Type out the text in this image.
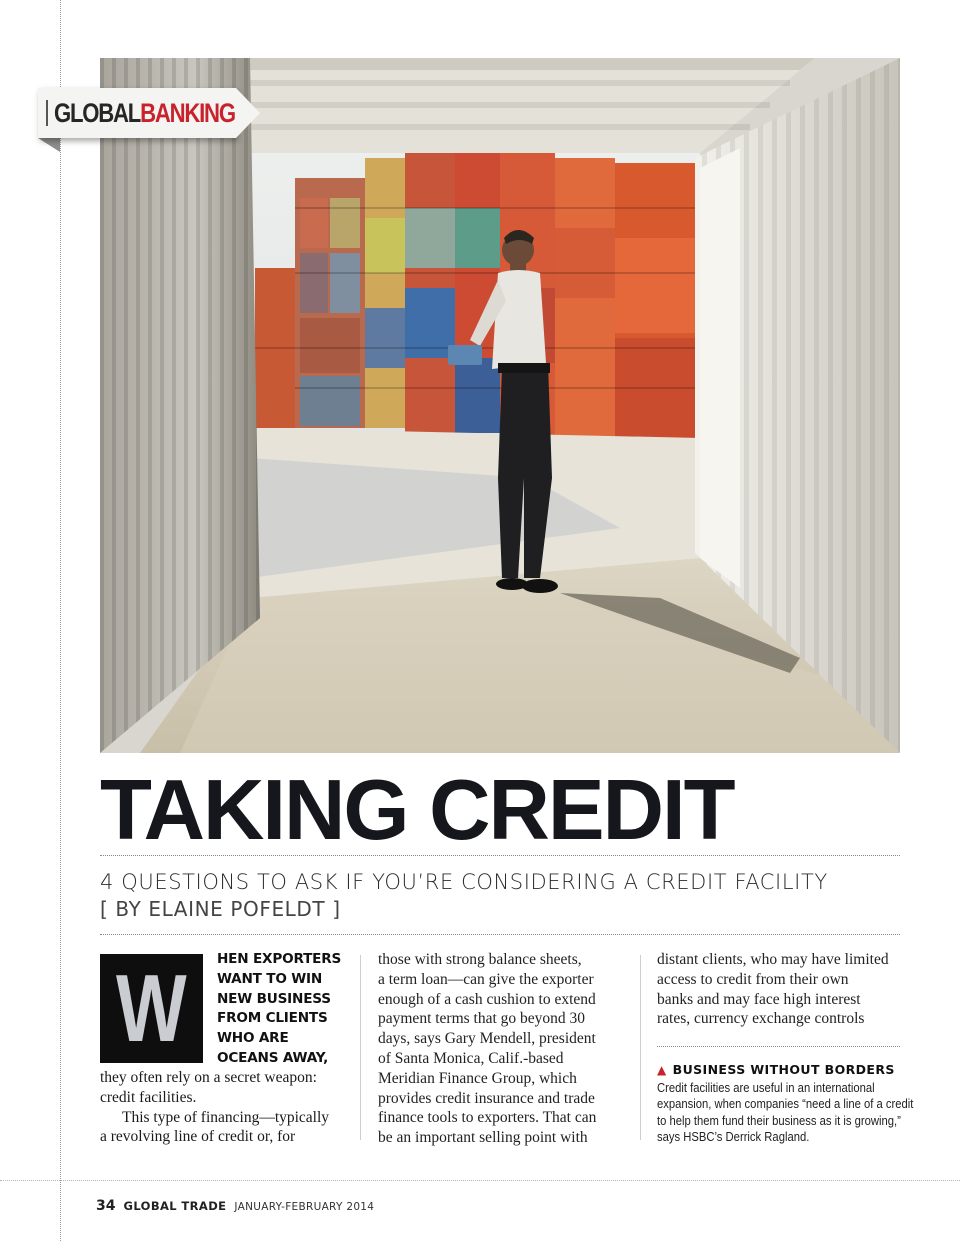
GLOBALBANKING
TAKING CREDIT
4 QUESTIONS TO ASK IF YOU’RE CONSIDERING A CREDIT FACILITY
[ BY ELAINE POFELDT ]
W HEN EXPORTERS
WANT TO WIN
NEW BUSINESS
FROM CLIENTS
WHO ARE
OCEANS AWAY,

they often rely on a secret weapon:

credit facilities.

This type of financing—typically

a revolving line of credit or, for

those with strong balance sheets,

a term loan—can give the exporter

enough of a cash cushion to extend

payment terms that go beyond 30

days, says Gary Mendell, president

of Santa Monica, Calif.-based

Meridian Finance Group, which

provides credit insurance and trade

finance tools to exporters. That can

be an important selling point with

distant clients, who may have limited

access to credit from their own

banks and may face high interest

rates, currency exchange controls

▲ BUSINESS WITHOUT BORDERS
Credit facilities are useful in an international
expansion, when companies “need a line of a credit
to help them fund their business as it is growing,”
says HSBC’s Derrick Ragland.
34 GLOBAL TRADE JANUARY-FEBRUARY 2014
